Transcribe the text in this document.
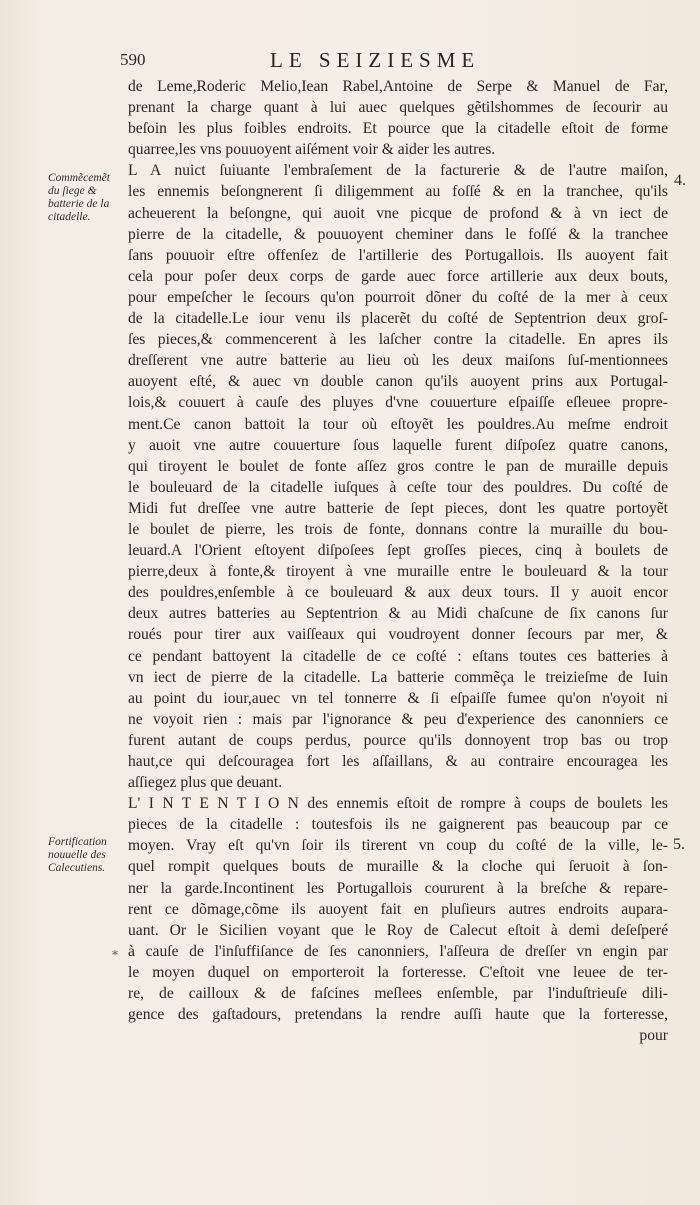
590	LE SEIZIESME
Commẽcemẽt
du ſiege &
batterie de la
citadelle.
Fortification
nouuelle des
Calecutiens.
4.
5.
*
de Leme,Roderic Melio,Iean Rabel,Antoine de Serpe & Manuel de Far,
prenant la charge quant à lui auec quelques gẽtilshommes de ſecourir au
beſoin les plus foibles endroits. Et pource que la citadelle eſtoit de forme
quarree,les vns pouuoyent aiſément voir & aider les autres.
L A nuict ſuiuante l'embraſement de la facturerie & de l'autre maiſon,
les ennemis beſongnerent ſi diligemment au foſſé & en la tranchee, qu'ils
acheuerent la beſongne, qui auoit vne picque de profond & à vn iect de
pierre de la citadelle, & pouuoyent cheminer dans le foſſé & la tranchee
ſans pouuoir eſtre offenſez de l'artillerie des Portugallois. Ils auoyent fait
cela pour poſer deux corps de garde auec force artillerie aux deux bouts,
pour empeſcher le ſecours qu'on pourroit dõner du coſté de la mer à ceux
de la citadelle.Le iour venu ils placerẽt du coſté de Septentrion deux groſ-
ſes pieces,& commencerent à les laſcher contre la citadelle. En apres ils
dreſſerent vne autre batterie au lieu où les deux maiſons ſuſ-mentionnees
auoyent eſté, & auec vn double canon qu'ils auoyent prins aux Portugal-
lois,& couuert à cauſe des pluyes d'vne couuerture eſpaiſſe eſleuee propre-
ment.Ce canon battoit la tour où eſtoyẽt les pouldres.Au meſme endroit
y auoit vne autre couuerture ſous laquelle furent diſpoſez quatre canons,
qui tiroyent le boulet de fonte aſſez gros contre le pan de muraille depuis
le bouleuard de la citadelle iuſques à ceſte tour des pouldres. Du coſté de
Midi fut dreſſee vne autre batterie de ſept pieces, dont les quatre portoyẽt
le boulet de pierre, les trois de fonte, donnans contre la muraille du bou-
leuard.A l'Orient eſtoyent diſpoſees ſept groſſes pieces, cinq à boulets de
pierre,deux à fonte,& tiroyent à vne muraille entre le bouleuard & la tour
des pouldres,enſemble à ce bouleuard & aux deux tours. Il y auoit encor
deux autres batteries au Septentrion & au Midi chaſcune de ſix canons ſur
roués pour tirer aux vaiſſeaux qui voudroyent donner ſecours par mer, &
ce pendant battoyent la citadelle de ce coſté : eſtans toutes ces batteries à
vn iect de pierre de la citadelle. La batterie commẽça le treizieſme de Iuin
au point du iour,auec vn tel tonnerre & ſi eſpaiſſe fumee qu'on n'oyoit ni
ne voyoit rien : mais par l'ignorance & peu d'experience des canonniers ce
furent autant de coups perdus, pource qu'ils donnoyent trop bas ou trop
haut,ce qui deſcouragea fort les aſſaillans, & au contraire encouragea les
aſſiegez plus que deuant.
L' I N T E N T I O N des ennemis eſtoit de rompre à coups de boulets les
pieces de la citadelle : toutesfois ils ne gaignerent pas beaucoup par ce
moyen. Vray eſt qu'vn ſoir ils tirerent vn coup du coſté de la ville, le-
quel rompit quelques bouts de muraille & la cloche qui ſeruoit à ſon-
ner la garde.Incontinent les Portugallois coururent à la breſche & repare-
rent ce dõmage,cõme ils auoyent fait en pluſieurs autres endroits aupara-
uant. Or le Sicilien voyant que le Roy de Calecut eſtoit à demi deſeſperé
à cauſe de l'inſuffiſance de ſes canonniers, l'aſſeura de dreſſer vn engin par
le moyen duquel on emporteroit la forteresse. C'eſtoit vne leuee de ter-
re, de cailloux & de faſcines meſlees enſemble, par l'induſtrieuſe dili-
gence des gaſtadours, pretendans la rendre auſſi haute que la forteresse,
pour
